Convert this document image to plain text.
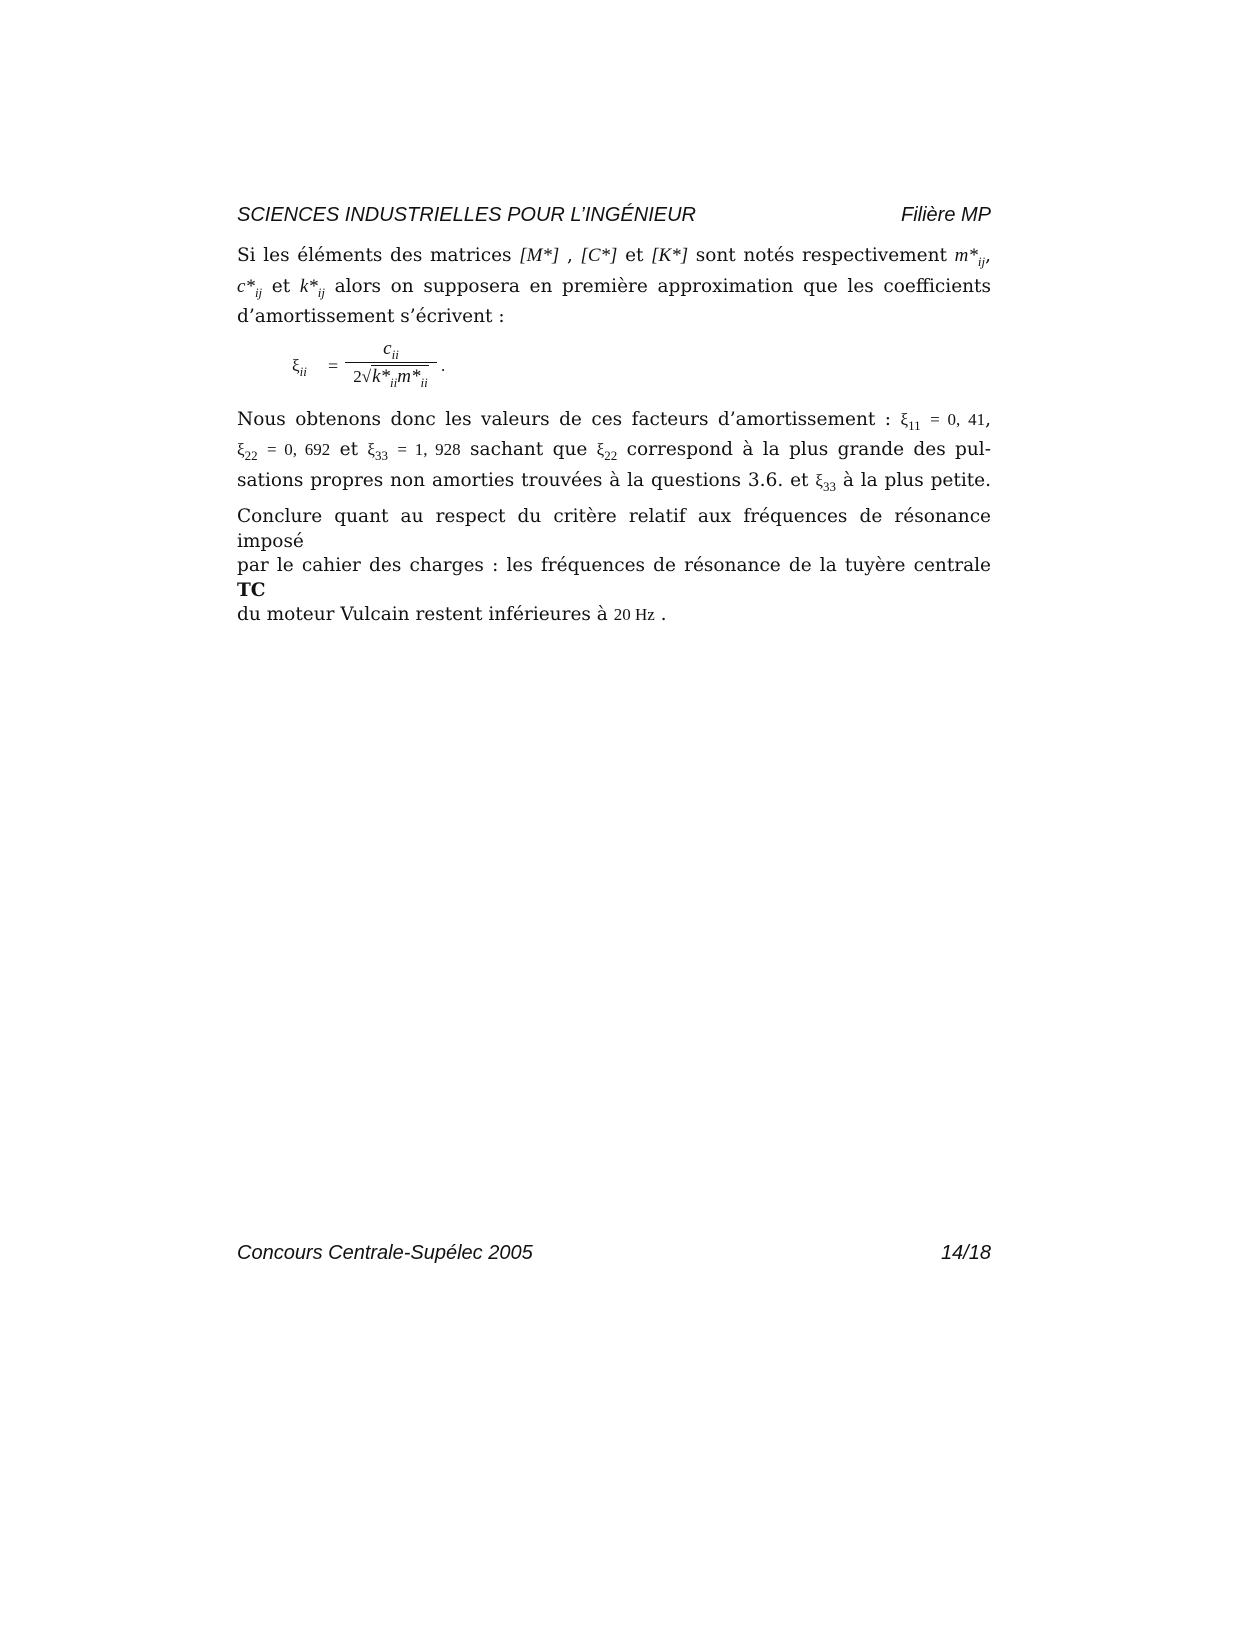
SCIENCES INDUSTRIELLES POUR L’INGÉNIEUR	Filière MP
Si les éléments des matrices [M*] , [C*] et [K*] sont notés respectivement $m*_{ij}$,
$c*_{ij}$ et $k*_{ij}$ alors on supposera en première approximation que les coefficients
d’amortissement s’écrivent :
$\xi_{ii}$ =
$c_{ii}$
$2√k*_{ii}m*_{ii}$
.
Nous obtenons donc les valeurs de ces facteurs d’amortissement : $\xi_{11} = 0$, 41,
$\xi_{22} = 0$, 692 et $\xi_{33} = 1$, 928 sachant que $\xi_{22}$ correspond à la plus grande des pul-
sations propres non amorties trouvées à la questions 3.6. et $\xi_{33}$ à la plus petite.
Conclure quant au respect du critère relatif aux fréquences de résonance imposé
par le cahier des charges : les fréquences de résonance de la tuyère centrale TC
du moteur Vulcain restent inférieures à 20 Hz .
Concours Centrale-Supélec 2005	14/18
